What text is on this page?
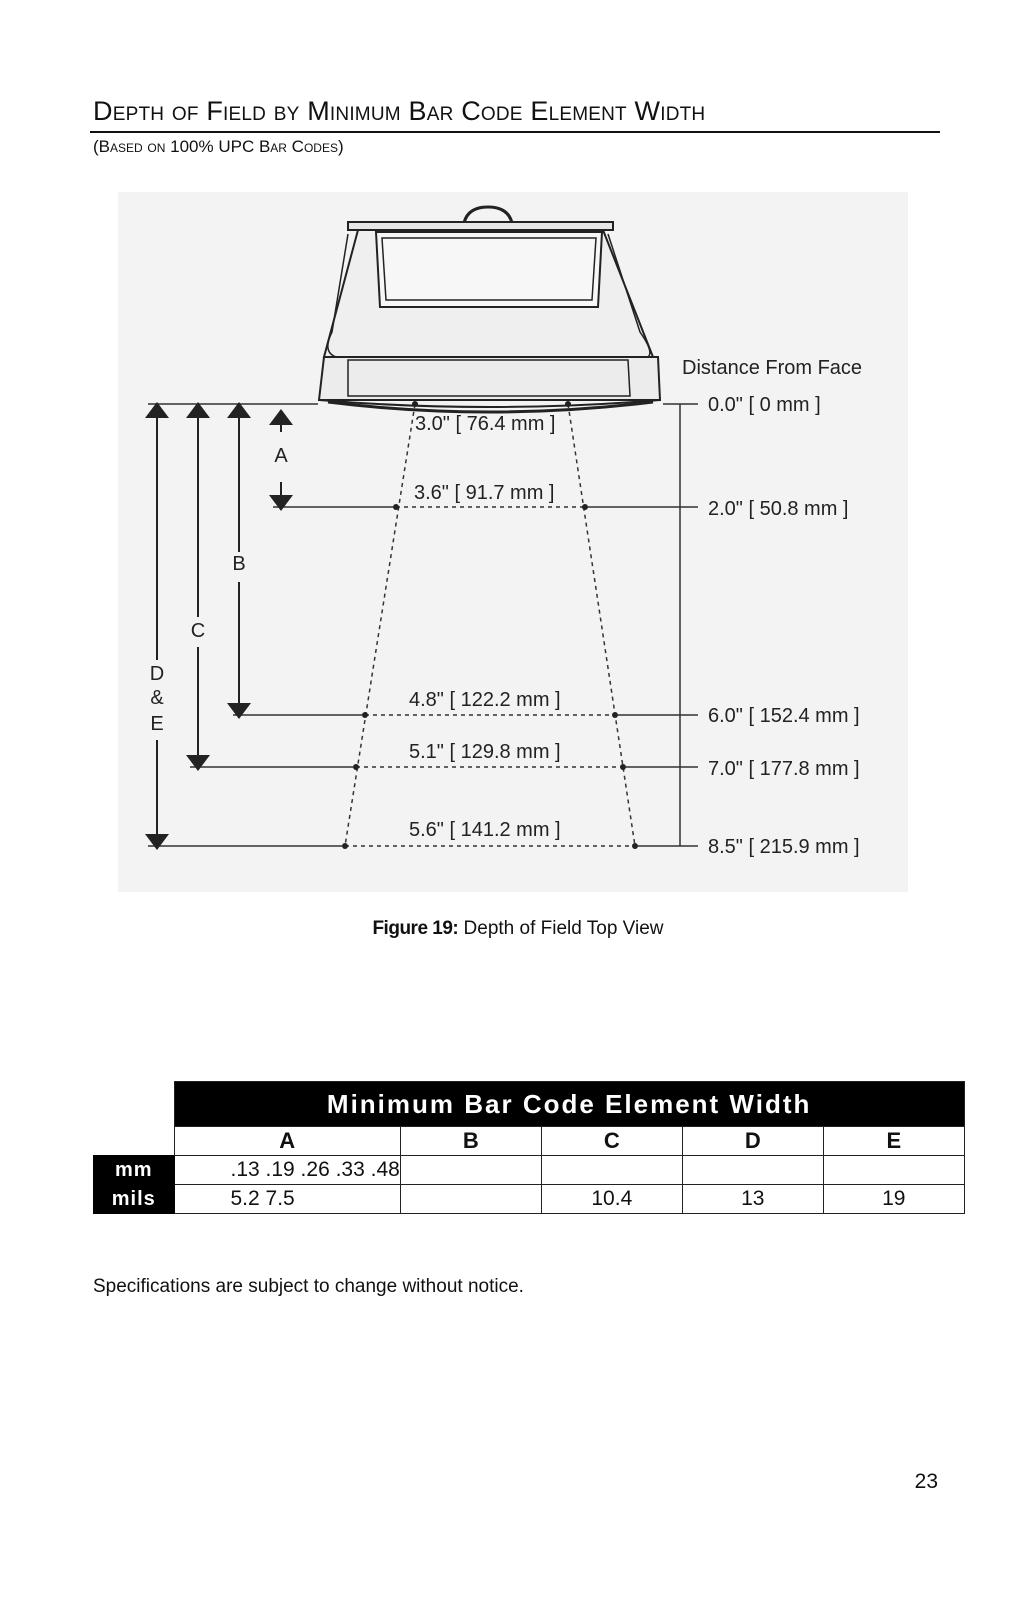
Depth of Field by Minimum Bar Code Element Width
(Based on 100% UPC Bar Codes)
A
B
C
D
&
E
3.0" [ 76.4 mm ]
3.6" [ 91.7 mm ]
4.8" [ 122.2 mm ]
5.1" [ 129.8 mm ]
5.6" [ 141.2 mm ]
Distance From Face
0.0" [ 0 mm ]
2.0" [ 50.8 mm ]
6.0" [ 152.4 mm ]
7.0" [ 177.8 mm ]
8.5" [ 215.9 mm ]
Figure 19: Depth of Field Top View
	Minimum Bar Code Element Width				
	A	B	C	D	E
mm	.13 .19 .26 .33 .48				
mils	5.2 7.5		10.4	13	19
Specifications are subject to change without notice.
23
